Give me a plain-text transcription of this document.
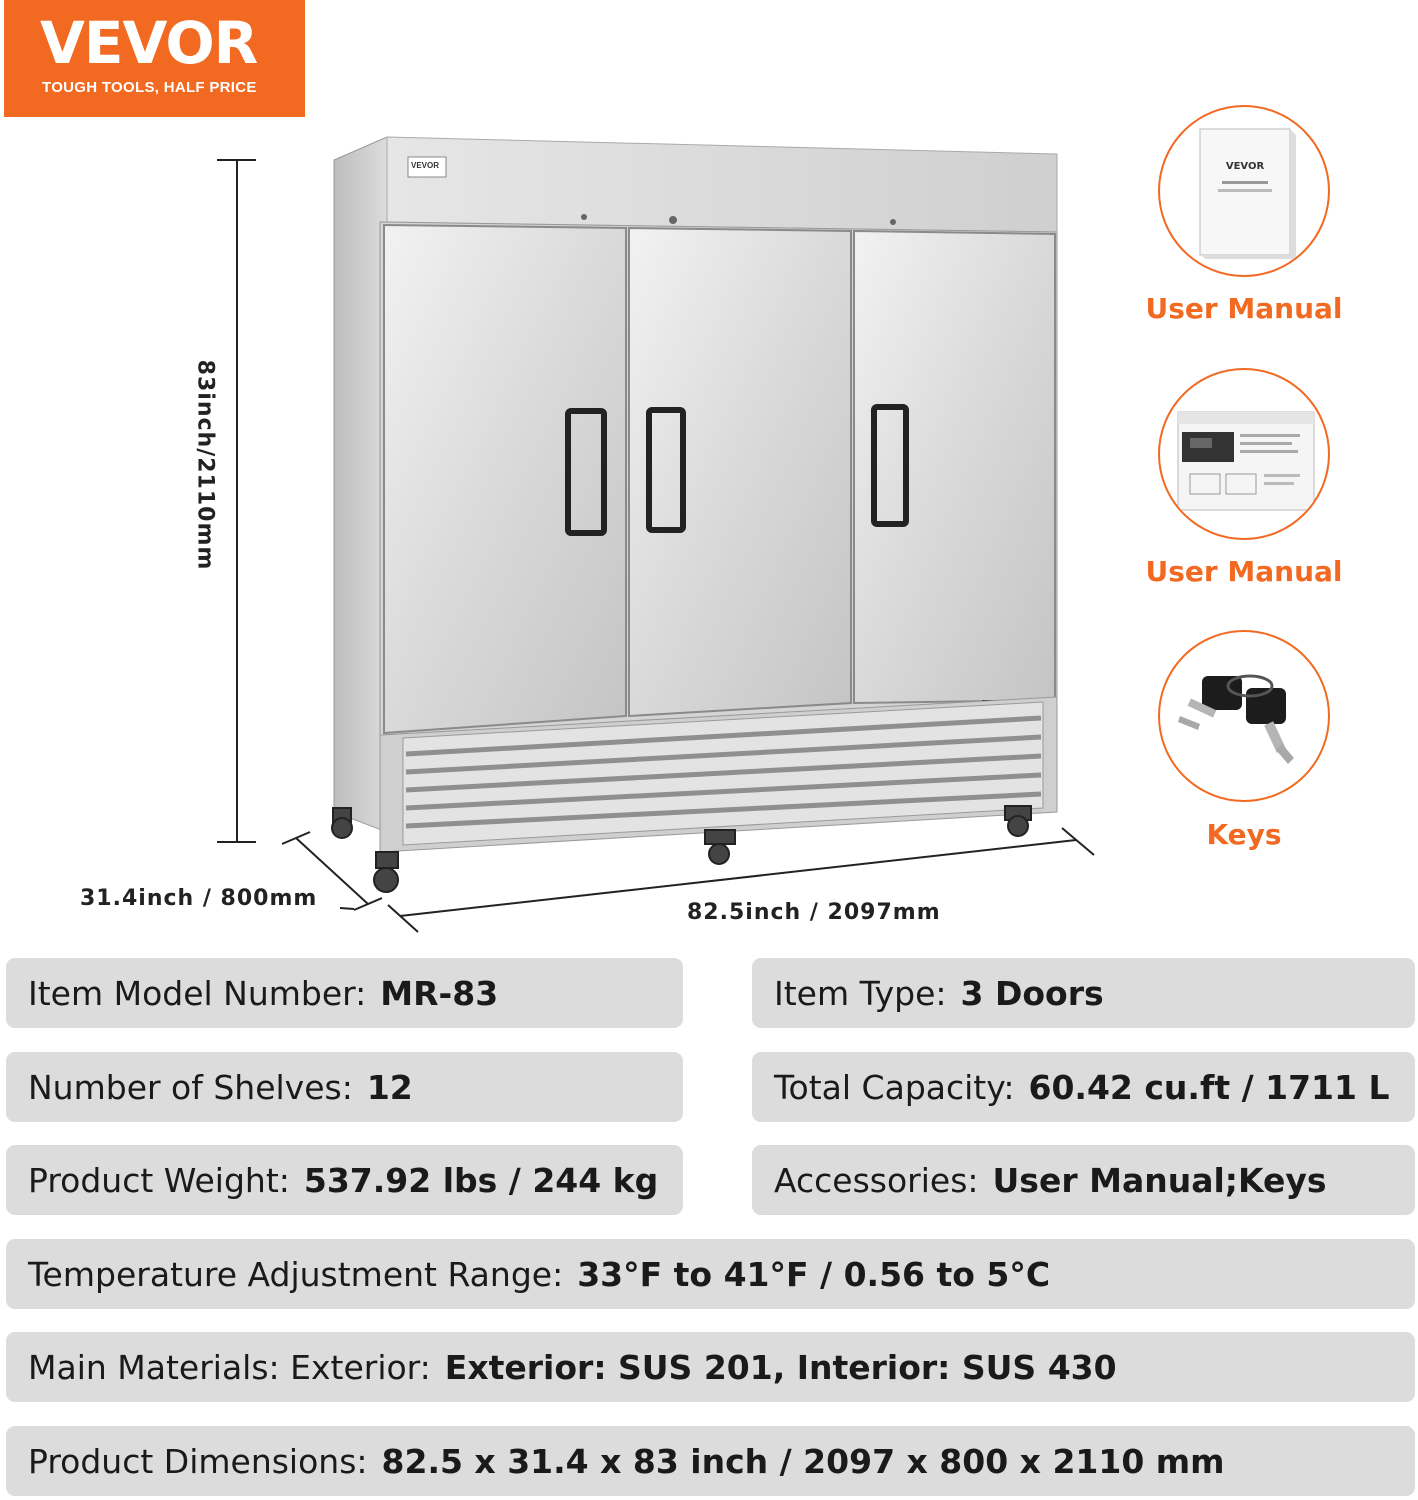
VEVOR
TOUGH TOOLS, HALF PRICE
VEVOR
83inch/2110mm
31.4inch / 800mm
82.5inch / 2097mm
VEVOR
User Manual
User Manual
Keys
Item Model Number: MR-83	Item Type: 3 Doors
Number of Shelves: 12	Total Capacity: 60.42 cu.ft / 1711 L
Product Weight: 537.92 lbs / 244 kg	Accessories: User Manual;Keys
Temperature Adjustment Range: 33°F to 41°F / 0.56 to 5°C
Main Materials: Exterior: Exterior: SUS 201, Interior: SUS 430
Product Dimensions: 82.5 x 31.4 x 83 inch / 2097 x 800 x 2110 mm
